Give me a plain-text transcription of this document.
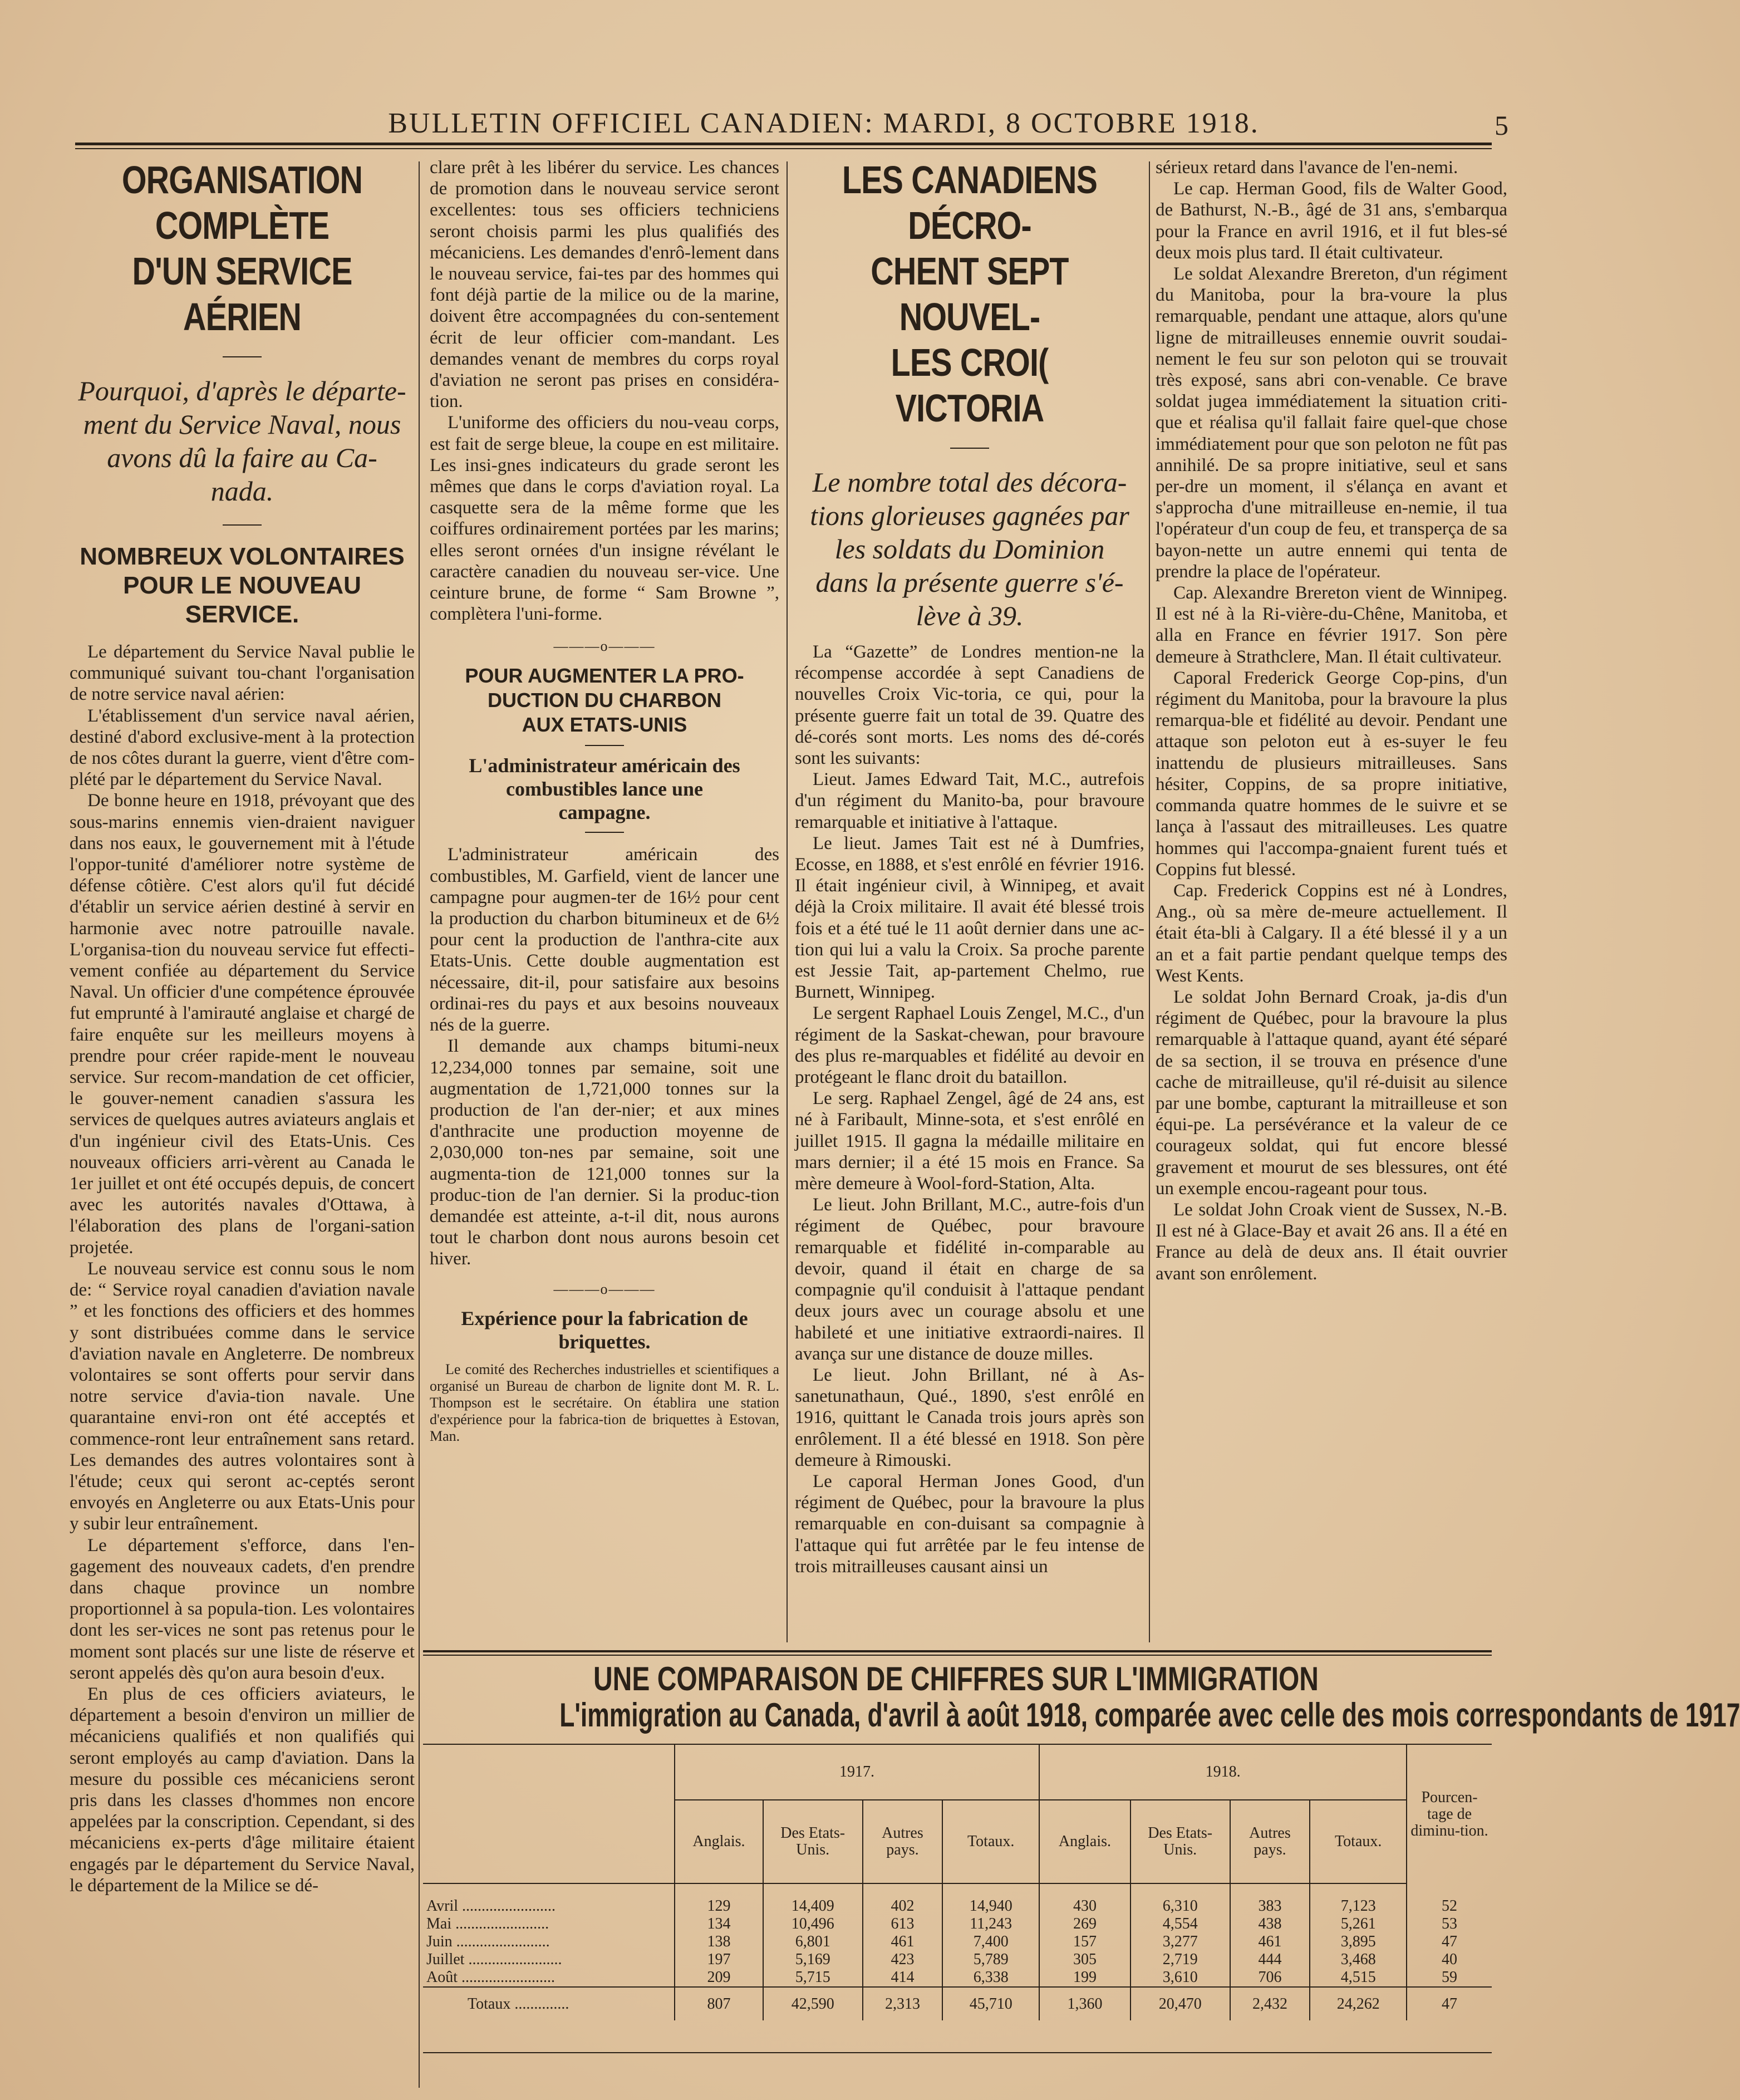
BULLETIN OFFICIEL CANADIEN: MARDI, 8 OCTOBRE 1918.	5
ORGANISATION COMPLÈTE
D'UN SERVICE AÉRIEN
Pourquoi, d'après le départe-
ment du Service Naval, nous
avons dû la faire au Ca-
nada.
NOMBREUX VOLONTAIRES
POUR LE NOUVEAU SERVICE.

Le département du Service Naval publie le communiqué suivant tou-chant l'organisation de notre service naval aérien:

L'établissement d'un service naval aérien, destiné d'abord exclusive-ment à la protection de nos côtes durant la guerre, vient d'être com-plété par le département du Service Naval.

De bonne heure en 1918, prévoyant que des sous-marins ennemis vien-draient naviguer dans nos eaux, le gouvernement mit à l'étude l'oppor-tunité d'améliorer notre système de défense côtière. C'est alors qu'il fut décidé d'établir un service aérien destiné à servir en harmonie avec notre patrouille navale. L'organisa-tion du nouveau service fut effecti-vement confiée au département du Service Naval. Un officier d'une compétence éprouvée fut emprunté à l'amirauté anglaise et chargé de faire enquête sur les meilleurs moyens à prendre pour créer rapide-ment le nouveau service. Sur recom-mandation de cet officier, le gouver-nement canadien s'assura les services de quelques autres aviateurs anglais et d'un ingénieur civil des Etats-Unis. Ces nouveaux officiers arri-vèrent au Canada le 1er juillet et ont été occupés depuis, de concert avec les autorités navales d'Ottawa, à l'élaboration des plans de l'organi-sation projetée.

Le nouveau service est connu sous le nom de: “ Service royal canadien d'aviation navale ” et les fonctions des officiers et des hommes y sont distribuées comme dans le service d'aviation navale en Angleterre. De nombreux volontaires se sont offerts pour servir dans notre service d'avia-tion navale. Une quarantaine envi-ron ont été acceptés et commence-ront leur entraînement sans retard. Les demandes des autres volontaires sont à l'étude; ceux qui seront ac-ceptés seront envoyés en Angleterre ou aux Etats-Unis pour y subir leur entraînement.

Le département s'efforce, dans l'en-gagement des nouveaux cadets, d'en prendre dans chaque province un nombre proportionnel à sa popula-tion. Les volontaires dont les ser-vices ne sont pas retenus pour le moment sont placés sur une liste de réserve et seront appelés dès qu'on aura besoin d'eux.

En plus de ces officiers aviateurs, le département a besoin d'environ un millier de mécaniciens qualifiés et non qualifiés qui seront employés au camp d'aviation. Dans la mesure du possible ces mécaniciens seront pris dans les classes d'hommes non encore appelées par la conscription. Cependant, si des mécaniciens ex-perts d'âge militaire étaient engagés par le département du Service Naval, le département de la Milice se dé-

clare prêt à les libérer du service. Les chances de promotion dans le nouveau service seront excellentes: tous ses officiers techniciens seront choisis parmi les plus qualifiés des mécaniciens. Les demandes d'enrô-lement dans le nouveau service, fai-tes par des hommes qui font déjà partie de la milice ou de la marine, doivent être accompagnées du con-sentement écrit de leur officier com-mandant. Les demandes venant de membres du corps royal d'aviation ne seront pas prises en considéra-tion.

L'uniforme des officiers du nou-veau corps, est fait de serge bleue, la coupe en est militaire. Les insi-gnes indicateurs du grade seront les mêmes que dans le corps d'aviation royal. La casquette sera de la même forme que les coiffures ordinairement portées par les marins; elles seront ornées d'un insigne révélant le caractère canadien du nouveau ser-vice. Une ceinture brune, de forme “ Sam Browne ”, complètera l'uni-forme.

———o———
POUR AUGMENTER LA PRO-
DUCTION DU CHARBON
AUX ETATS-UNIS
L'administrateur américain des
combustibles lance une
campagne.

L'administrateur américain des combustibles, M. Garfield, vient de lancer une campagne pour augmen-ter de 16½ pour cent la production du charbon bitumineux et de 6½ pour cent la production de l'anthra-cite aux Etats-Unis. Cette double augmentation est nécessaire, dit-il, pour satisfaire aux besoins ordinai-res du pays et aux besoins nouveaux nés de la guerre.

Il demande aux champs bitumi-neux 12,234,000 tonnes par semaine, soit une augmentation de 1,721,000 tonnes sur la production de l'an der-nier; et aux mines d'anthracite une production moyenne de 2,030,000 ton-nes par semaine, soit une augmenta-tion de 121,000 tonnes sur la produc-tion de l'an dernier. Si la produc-tion demandée est atteinte, a-t-il dit, nous aurons tout le charbon dont nous aurons besoin cet hiver.

———o———
Expérience pour la fabrication de
briquettes.

Le comité des Recherches industrielles et scientifiques a organisé un Bureau de charbon de lignite dont M. R. L. Thompson est le secrétaire. On établira une station d'expérience pour la fabrica-tion de briquettes à Estovan, Man.

LES CANADIENS DÉCRO-
CHENT SEPT NOUVEL-
LES CROI( VICTORIA
Le nombre total des décora-
tions glorieuses gagnées par
les soldats du Dominion
dans la présente guerre s'é-
lève à 39.

La “Gazette” de Londres mention-ne la récompense accordée à sept Canadiens de nouvelles Croix Vic-toria, ce qui, pour la présente guerre fait un total de 39. Quatre des dé-corés sont morts. Les noms des dé-corés sont les suivants:

Lieut. James Edward Tait, M.C., autrefois d'un régiment du Manito-ba, pour bravoure remarquable et initiative à l'attaque.

Le lieut. James Tait est né à Dumfries, Ecosse, en 1888, et s'est enrôlé en février 1916. Il était ingénieur civil, à Winnipeg, et avait déjà la Croix militaire. Il avait été blessé trois fois et a été tué le 11 août dernier dans une ac-tion qui lui a valu la Croix. Sa proche parente est Jessie Tait, ap-partement Chelmo, rue Burnett, Winnipeg.

Le sergent Raphael Louis Zengel, M.C., d'un régiment de la Saskat-chewan, pour bravoure des plus re-marquables et fidélité au devoir en protégeant le flanc droit du bataillon.

Le serg. Raphael Zengel, âgé de 24 ans, est né à Faribault, Minne-sota, et s'est enrôlé en juillet 1915. Il gagna la médaille militaire en mars dernier; il a été 15 mois en France. Sa mère demeure à Wool-ford-Station, Alta.

Le lieut. John Brillant, M.C., autre-fois d'un régiment de Québec, pour bravoure remarquable et fidélité in-comparable au devoir, quand il était en charge de sa compagnie qu'il conduisit à l'attaque pendant deux jours avec un courage absolu et une habileté et une initiative extraordi-naires. Il avança sur une distance de douze milles.

Le lieut. John Brillant, né à As-sanetunathaun, Qué., 1890, s'est enrôlé en 1916, quittant le Canada trois jours après son enrôlement. Il a été blessé en 1918. Son père demeure à Rimouski.

Le caporal Herman Jones Good, d'un régiment de Québec, pour la bravoure la plus remarquable en con-duisant sa compagnie à l'attaque qui fut arrêtée par le feu intense de trois mitrailleuses causant ainsi un

sérieux retard dans l'avance de l'en-nemi.

Le cap. Herman Good, fils de Walter Good, de Bathurst, N.-B., âgé de 31 ans, s'embarqua pour la France en avril 1916, et il fut bles-sé deux mois plus tard. Il était cultivateur.

Le soldat Alexandre Brereton, d'un régiment du Manitoba, pour la bra-voure la plus remarquable, pendant une attaque, alors qu'une ligne de mitrailleuses ennemie ouvrit soudai-nement le feu sur son peloton qui se trouvait très exposé, sans abri con-venable. Ce brave soldat jugea immédiatement la situation criti-que et réalisa qu'il fallait faire quel-que chose immédiatement pour que son peloton ne fût pas annihilé. De sa propre initiative, seul et sans per-dre un moment, il s'élança en avant et s'approcha d'une mitrailleuse en-nemie, il tua l'opérateur d'un coup de feu, et transperça de sa bayon-nette un autre ennemi qui tenta de prendre la place de l'opérateur.

Cap. Alexandre Brereton vient de Winnipeg. Il est né à la Ri-vière-du-Chêne, Manitoba, et alla en France en février 1917. Son père demeure à Strathclere, Man. Il était cultivateur.

Caporal Frederick George Cop-pins, d'un régiment du Manitoba, pour la bravoure la plus remarqua-ble et fidélité au devoir. Pendant une attaque son peloton eut à es-suyer le feu inattendu de plusieurs mitrailleuses. Sans hésiter, Coppins, de sa propre initiative, commanda quatre hommes de le suivre et se lança à l'assaut des mitrailleuses. Les quatre hommes qui l'accompa-gnaient furent tués et Coppins fut blessé.

Cap. Frederick Coppins est né à Londres, Ang., où sa mère de-meure actuellement. Il était éta-bli à Calgary. Il a été blessé il y a un an et a fait partie pendant quelque temps des West Kents.

Le soldat John Bernard Croak, ja-dis d'un régiment de Québec, pour la bravoure la plus remarquable à l'attaque quand, ayant été séparé de sa section, il se trouva en présence d'une cache de mitrailleuse, qu'il ré-duisit au silence par une bombe, capturant la mitrailleuse et son équi-pe. La persévérance et la valeur de ce courageux soldat, qui fut encore blessé gravement et mourut de ses blessures, ont été un exemple encou-rageant pour tous.

Le soldat John Croak vient de Sussex, N.-B. Il est né à Glace-Bay et avait 26 ans. Il a été en France au delà de deux ans. Il était ouvrier avant son enrôlement.

UNE COMPARAISON DE CHIFFRES SUR L'IMMIGRATION
L'immigration au Canada, d'avril à août 1918, comparée avec celle des mois correspondants de 1917
	1917.				1918.				Pourcen-tage de diminu-tion.
	Anglais.	Des Etats-Unis.	Autres pays.	Totaux.	Anglais.	Des Etats-Unis.	Autres pays.	Totaux.	
Avril ........................	129	14,409	402	14,940	430	6,310	383	7,123	52
Mai ........................	134	10,496	613	11,243	269	4,554	438	5,261	53
Juin ........................	138	6,801	461	7,400	157	3,277	461	3,895	47
Juillet ........................	197	5,169	423	5,789	305	2,719	444	3,468	40
Août ........................	209	5,715	414	6,338	199	3,610	706	4,515	59
Totaux ..............	807	42,590	2,313	45,710	1,360	20,470	2,432	24,262	47
